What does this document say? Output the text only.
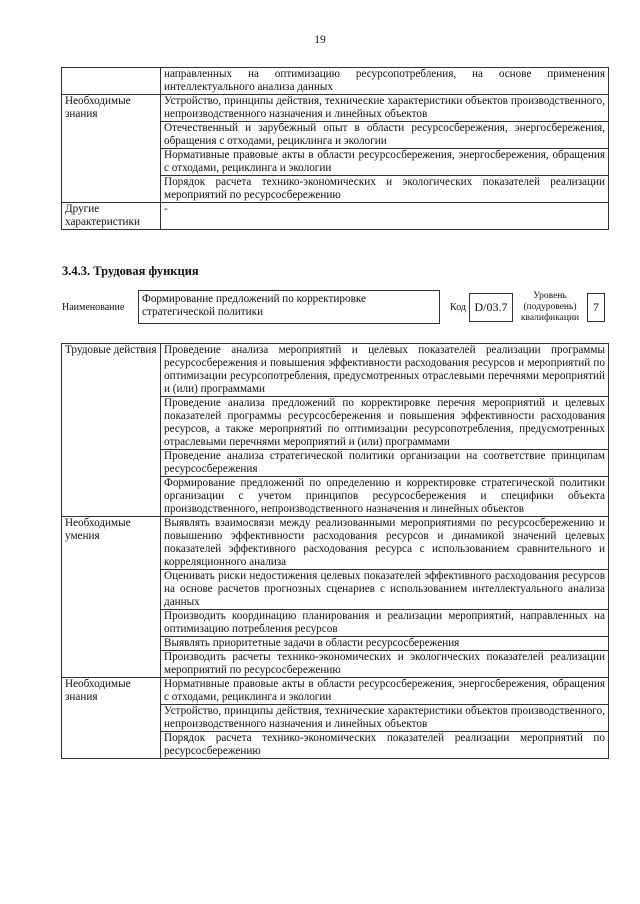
19
	направленных на оптимизацию ресурсопотребления, на основе применения интеллектуального анализа данных
Необходимые знания	Устройство, принципы действия, технические характеристики объектов производственного, непроизводственного назначения и линейных объектов
	Отечественный и зарубежный опыт в области ресурсосбережения, энергосбережения, обращения с отходами, рециклинга и экологии
	Нормативные правовые акты в области ресурсосбережения, энергосбережения, обращения с отходами, рециклинга и экологии
	Порядок расчета технико-экономических и экологических показателей реализации мероприятий по ресурсосбережению
Другие характеристики	-
3.4.3. Трудовая функция
Наименование	
Формирование предложений по корректировке стратегической политики	Код	D/03.7
	Уровень (подуровень) квалификации	
7
Трудовые действия	Проведение анализа мероприятий и целевых показателей реализации программы ресурсосбережения и повышения эффективности расходования ресурсов и мероприятий по оптимизации ресурсопотребления, предусмотренных отраслевыми перечнями мероприятий и (или) программами
	Проведение анализа предложений по корректировке перечня мероприятий и целевых показателей программы ресурсосбережения и повышения эффективности расходования ресурсов, а также мероприятий по оптимизации ресурсопотребления, предусмотренных отраслевыми перечнями мероприятий и (или) программами
	Проведение анализа стратегической политики организации на соответствие принципам ресурсосбережения
	Формирование предложений по определению и корректировке стратегической политики организации с учетом принципов ресурсосбережения и специфики объекта производственного, непроизводственного назначения и линейных объектов
Необходимые умения	Выявлять взаимосвязи между реализованными мероприятиями по ресурсосбережению и повышению эффективности расходования ресурсов и динамикой значений целевых показателей эффективного расходования ресурса с использованием сравнительного и корреляционного анализа
	Оценивать риски недостижения целевых показателей эффективного расходования ресурсов на основе расчетов прогнозных сценариев с использованием интеллектуального анализа данных
	Производить координацию планирования и реализации мероприятий, направленных на оптимизацию потребления ресурсов
	Выявлять приоритетные задачи в области ресурсосбережения
	Производить расчеты технико-экономических и экологических показателей реализации мероприятий по ресурсосбережению
Необходимые знания	Нормативные правовые акты в области ресурсосбережения, энергосбережения, обращения с отходами, рециклинга и экологии
	Устройство, принципы действия, технические характеристики объектов производственного, непроизводственного назначения и линейных объектов
	Порядок расчета технико-экономических показателей реализации мероприятий по ресурсосбережению
